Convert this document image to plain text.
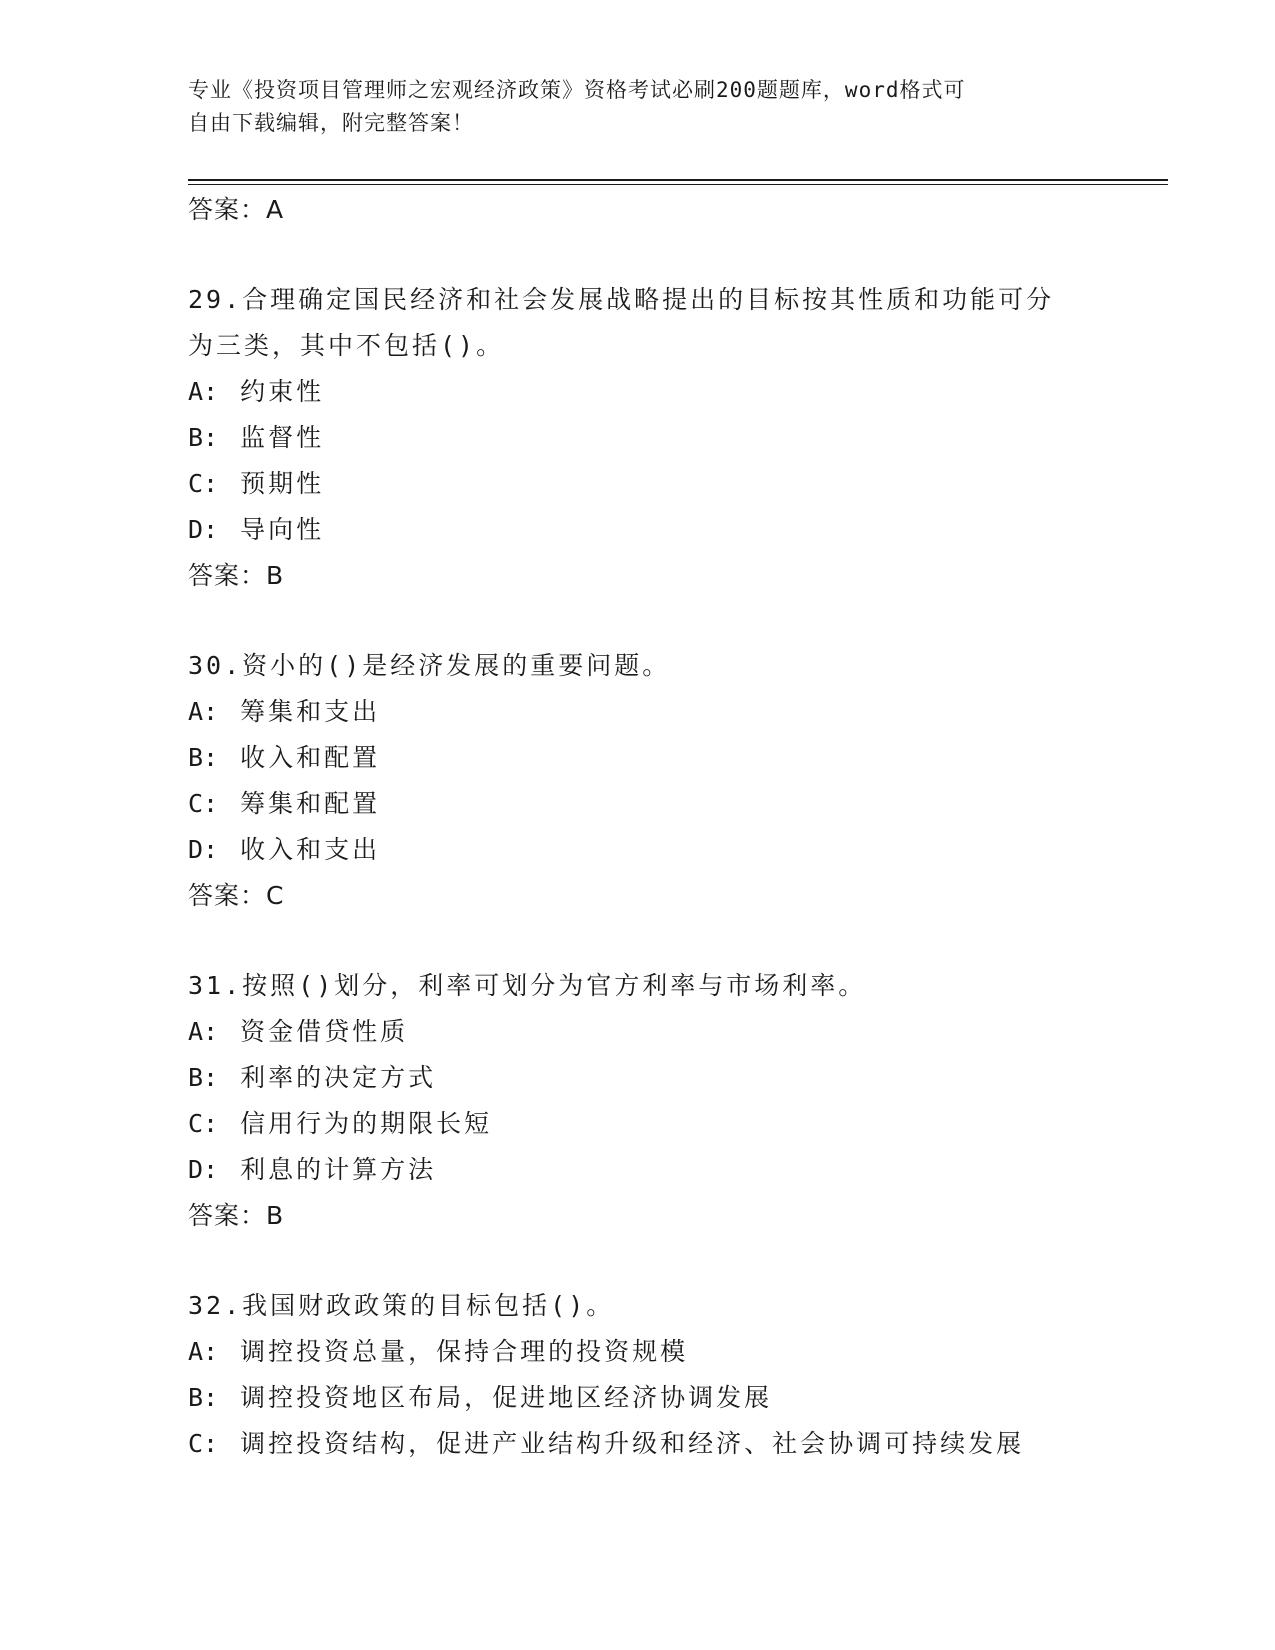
专业《投资项目管理师之宏观经济政策》资格考试必刷200题题库，word格式可
自由下载编辑，附完整答案！
答案：A
29.合理确定国民经济和社会发展战略提出的目标按其性质和功能可分
为三类，其中不包括()。
A: 约束性
B: 监督性
C: 预期性
D: 导向性
答案：B
30.资小的()是经济发展的重要问题。
A: 筹集和支出
B: 收入和配置
C: 筹集和配置
D: 收入和支出
答案：C
31.按照()划分，利率可划分为官方利率与市场利率。
A: 资金借贷性质
B: 利率的决定方式
C: 信用行为的期限长短
D: 利息的计算方法
答案：B
32.我国财政政策的目标包括()。
A: 调控投资总量，保持合理的投资规模
B: 调控投资地区布局，促进地区经济协调发展
C: 调控投资结构，促进产业结构升级和经济、社会协调可持续发展
